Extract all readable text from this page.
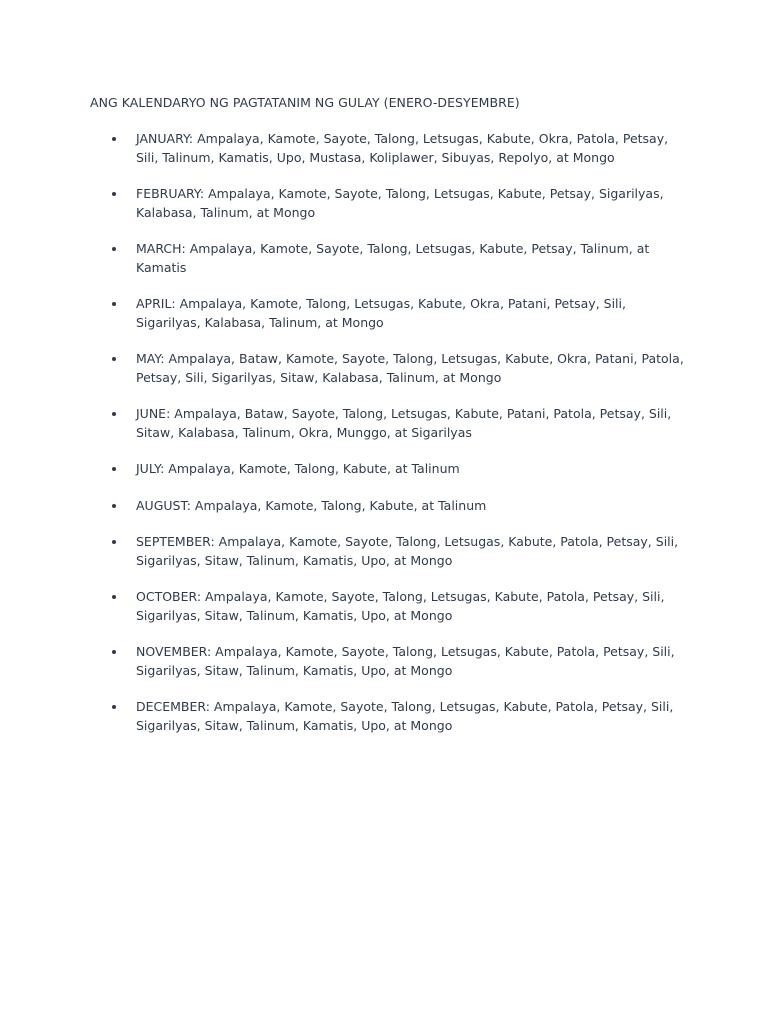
ANG KALENDARYO NG PAGTATANIM NG GULAY (ENERO-DESYEMBRE)
JANUARY: Ampalaya, Kamote, Sayote, Talong, Letsugas, Kabute, Okra, Patola, Petsay, Sili, Talinum, Kamatis, Upo, Mustasa, Koliplawer, Sibuyas, Repolyo, at Mongo
FEBRUARY: Ampalaya, Kamote, Sayote, Talong, Letsugas, Kabute, Petsay, Sigarilyas, Kalabasa, Talinum, at Mongo
MARCH: Ampalaya, Kamote, Sayote, Talong, Letsugas, Kabute, Petsay, Talinum, at Kamatis
APRIL: Ampalaya, Kamote, Talong, Letsugas, Kabute, Okra, Patani, Petsay, Sili, Sigarilyas, Kalabasa, Talinum, at Mongo
MAY: Ampalaya, Bataw, Kamote, Sayote, Talong, Letsugas, Kabute, Okra, Patani, Patola, Petsay, Sili, Sigarilyas, Sitaw, Kalabasa, Talinum, at Mongo
JUNE: Ampalaya, Bataw, Sayote, Talong, Letsugas, Kabute, Patani, Patola, Petsay, Sili, Sitaw, Kalabasa, Talinum, Okra, Munggo, at Sigarilyas
JULY: Ampalaya, Kamote, Talong, Kabute, at Talinum
AUGUST: Ampalaya, Kamote, Talong, Kabute, at Talinum
SEPTEMBER: Ampalaya, Kamote, Sayote, Talong, Letsugas, Kabute, Patola, Petsay, Sili, Sigarilyas, Sitaw, Talinum, Kamatis, Upo, at Mongo
OCTOBER: Ampalaya, Kamote, Sayote, Talong, Letsugas, Kabute, Patola, Petsay, Sili, Sigarilyas, Sitaw, Talinum, Kamatis, Upo, at Mongo
NOVEMBER: Ampalaya, Kamote, Sayote, Talong, Letsugas, Kabute, Patola, Petsay, Sili, Sigarilyas, Sitaw, Talinum, Kamatis, Upo, at Mongo
DECEMBER: Ampalaya, Kamote, Sayote, Talong, Letsugas, Kabute, Patola, Petsay, Sili, Sigarilyas, Sitaw, Talinum, Kamatis, Upo, at Mongo
